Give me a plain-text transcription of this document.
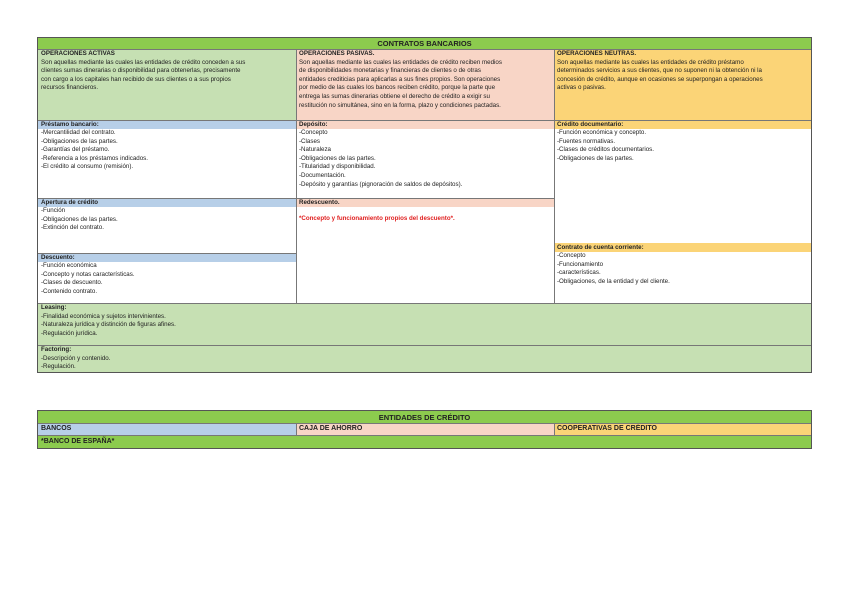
CONTRATOS BANCARIOS
OPERACIONES ACTIVAS
Son aquellas mediante las cuales las entidades de crédito conceden a sus
clientes sumas dinerarias o disponibilidad para obtenerlas, precisamente
con cargo a los capitales han recibido de sus clientes o a sus propios
recursos financieros.
OPERACIONES PASIVAS.
Son aquellas mediante las cuales las entidades de crédito reciben medios
de disponibilidades monetarias y financieras de clientes o de otras
entidades crediticias para aplicarlas a sus fines propios. Son operaciones
por medio de las cuales los bancos reciben crédito, porque la parte que
entrega las sumas dinerarias obtiene el derecho de crédito a exigir su
restitución no simultánea, sino en la forma, plazo y condiciones pactadas.
OPERACIONES NEUTRAS.
Son aquellas mediante las cuales las entidades de crédito préstamo
determinados servicios a sus clientes, que no suponen ni la obtención ni la
concesión de crédito, aunque en ocasiones se superpongan a operaciones
activas o pasivas.
Préstamo bancario:
-Mercantilidad del contrato.
-Obligaciones de las partes.
-Garantías del préstamo.
-Referencia a los préstamos indicados.
-El crédito al consumo (remisión).
Apertura de crédito
-Función
-Obligaciones de las partes.
-Extinción del contrato.
Descuento:
-Función económica
-Concepto y notas características.
-Clases de descuento.
-Contenido contrato.
Depósito:
-Concepto
-Clases
-Naturaleza
-Obligaciones de las partes.
-Titularidad y disponibilidad.
-Documentación.
-Depósito y garantías (pignoración de saldos de depósitos).
Redescuento.
*Concepto y funcionamiento propios del descuento*.
Crédito documentario:
-Función económica y concepto.
-Fuentes normativas.
-Clases de créditos documentarios.
-Obligaciones de las partes.
Contrato de cuenta corriente:
-Concepto
-Funcionamiento
-características.
-Obligaciones, de la entidad y del cliente.
Leasing:
-Finalidad económica y sujetos intervinientes.
-Naturaleza jurídica y distinción de figuras afines.
-Regulación jurídica.
Factoring:
-Descripción y contenido.
-Regulación.
ENTIDADES DE CRÉDITO
BANCOS	CAJA DE AHORRO	COOPERATIVAS DE CRÉDITO
*BANCO DE ESPAÑA*
